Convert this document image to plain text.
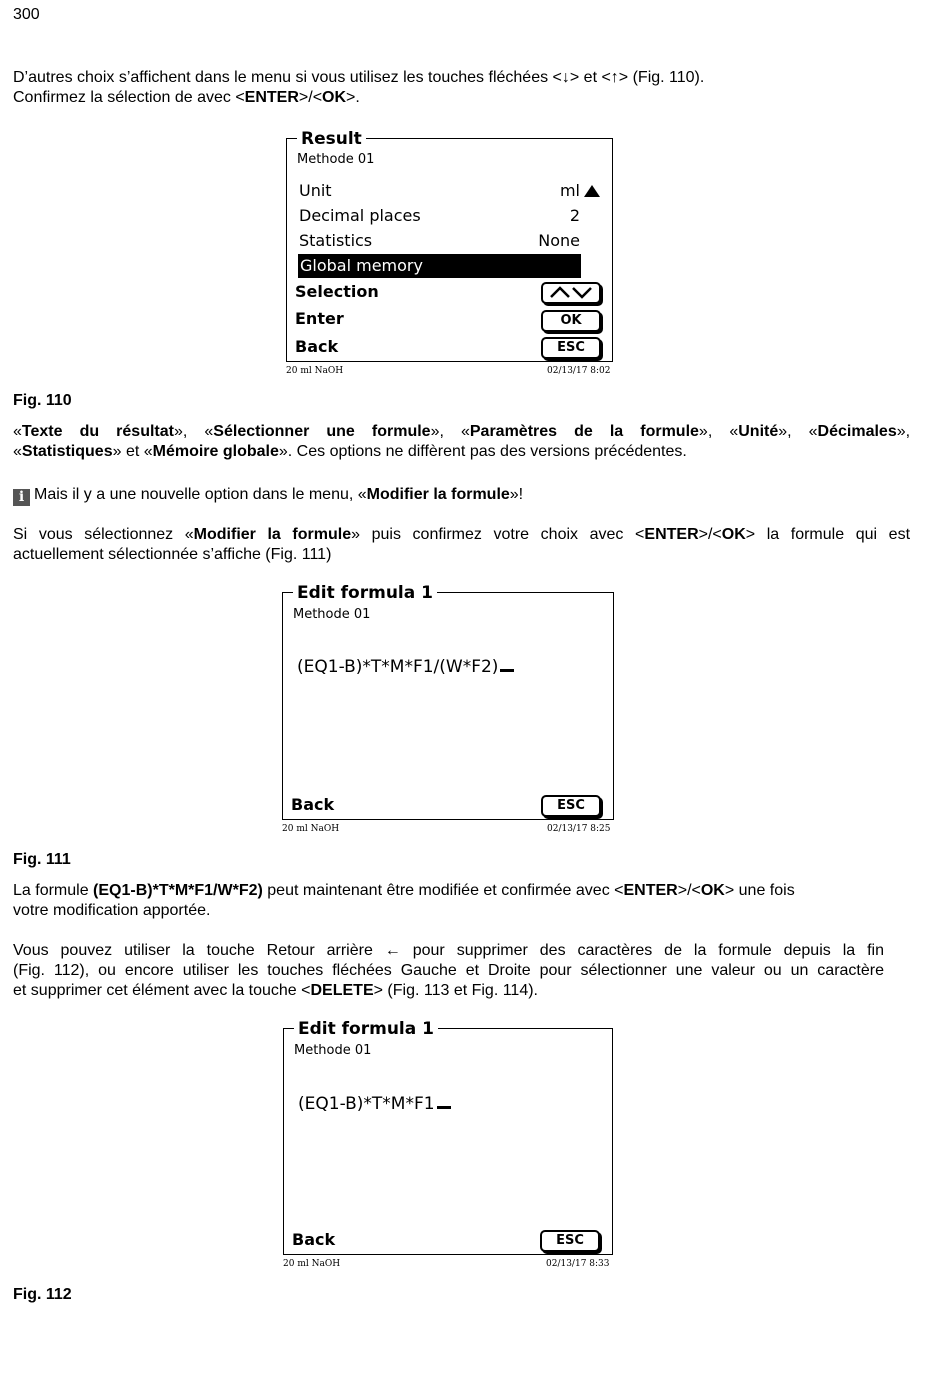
300
D’autres choix s’affichent dans le menu si vous utilisez les touches fléchées <↓> et <↑> (Fig. 110).
Confirmez la sélection de avec <ENTER>/<OK>.
Result
Methode 01
Unit	ml
Decimal places	2
Statistics	None
Global memory
Selection
Enter	OK
Back	ESC
20 ml NaOH	02/13/17 8:02
Fig. 110
«Texte du résultat», «Sélectionner une formule», «Paramètres de la formule», «Unité», «Décimales»,
«Statistiques» et «Mémoire globale». Ces options ne diffèrent pas des versions précédentes.
i Mais il y a une nouvelle option dans le menu, «Modifier la formule»!
Si vous sélectionnez «Modifier la formule» puis confirmez votre choix avec <ENTER>/<OK> la formule qui est
actuellement sélectionnée s’affiche (Fig. 111)
Edit formula 1
Methode 01
(EQ1-B)*T*M*F1/(W*F2)
Back	ESC
20 ml NaOH	02/13/17 8:25
Fig. 111
La formule (EQ1-B)*T*M*F1/W*F2) peut maintenant être modifiée et confirmée avec <ENTER>/<OK> une fois
votre modification apportée.
Vous pouvez utiliser la touche Retour arrière ← pour supprimer des caractères de la formule depuis la fin
(Fig. 112), ou encore utiliser les touches fléchées Gauche et Droite pour sélectionner une valeur ou un caractère
et supprimer cet élément avec la touche <DELETE> (Fig. 113 et Fig. 114).
Edit formula 1
Methode 01
(EQ1-B)*T*M*F1
Back	ESC
20 ml NaOH	02/13/17 8:33
Fig. 112
